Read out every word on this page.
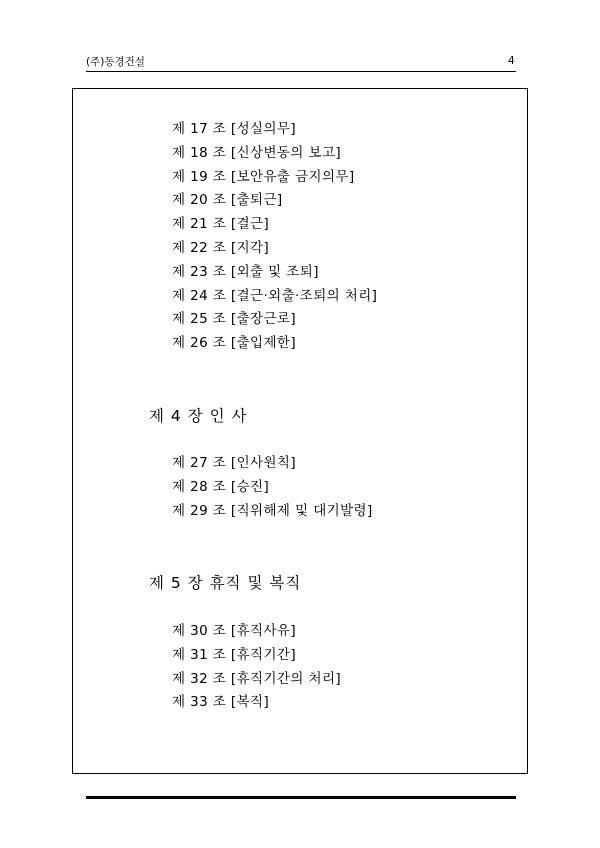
(주)동경건설	4
제 17 조 [성실의무]
제 18 조 [신상변동의 보고]
제 19 조 [보안유출 금지의무]
제 20 조 [출퇴근]
제 21 조 [결근]
제 22 조 [지각]
제 23 조 [외출 및 조퇴]
제 24 조 [결근·외출·조퇴의 처리]
제 25 조 [출장근로]
제 26 조 [출입제한]
제 4 장 인 사
제 27 조 [인사원칙]
제 28 조 [승진]
제 29 조 [직위해제 및 대기발령]
제 5 장 휴직 및 복직
제 30 조 [휴직사유]
제 31 조 [휴직기간]
제 32 조 [휴직기간의 처리]
제 33 조 [복직]
